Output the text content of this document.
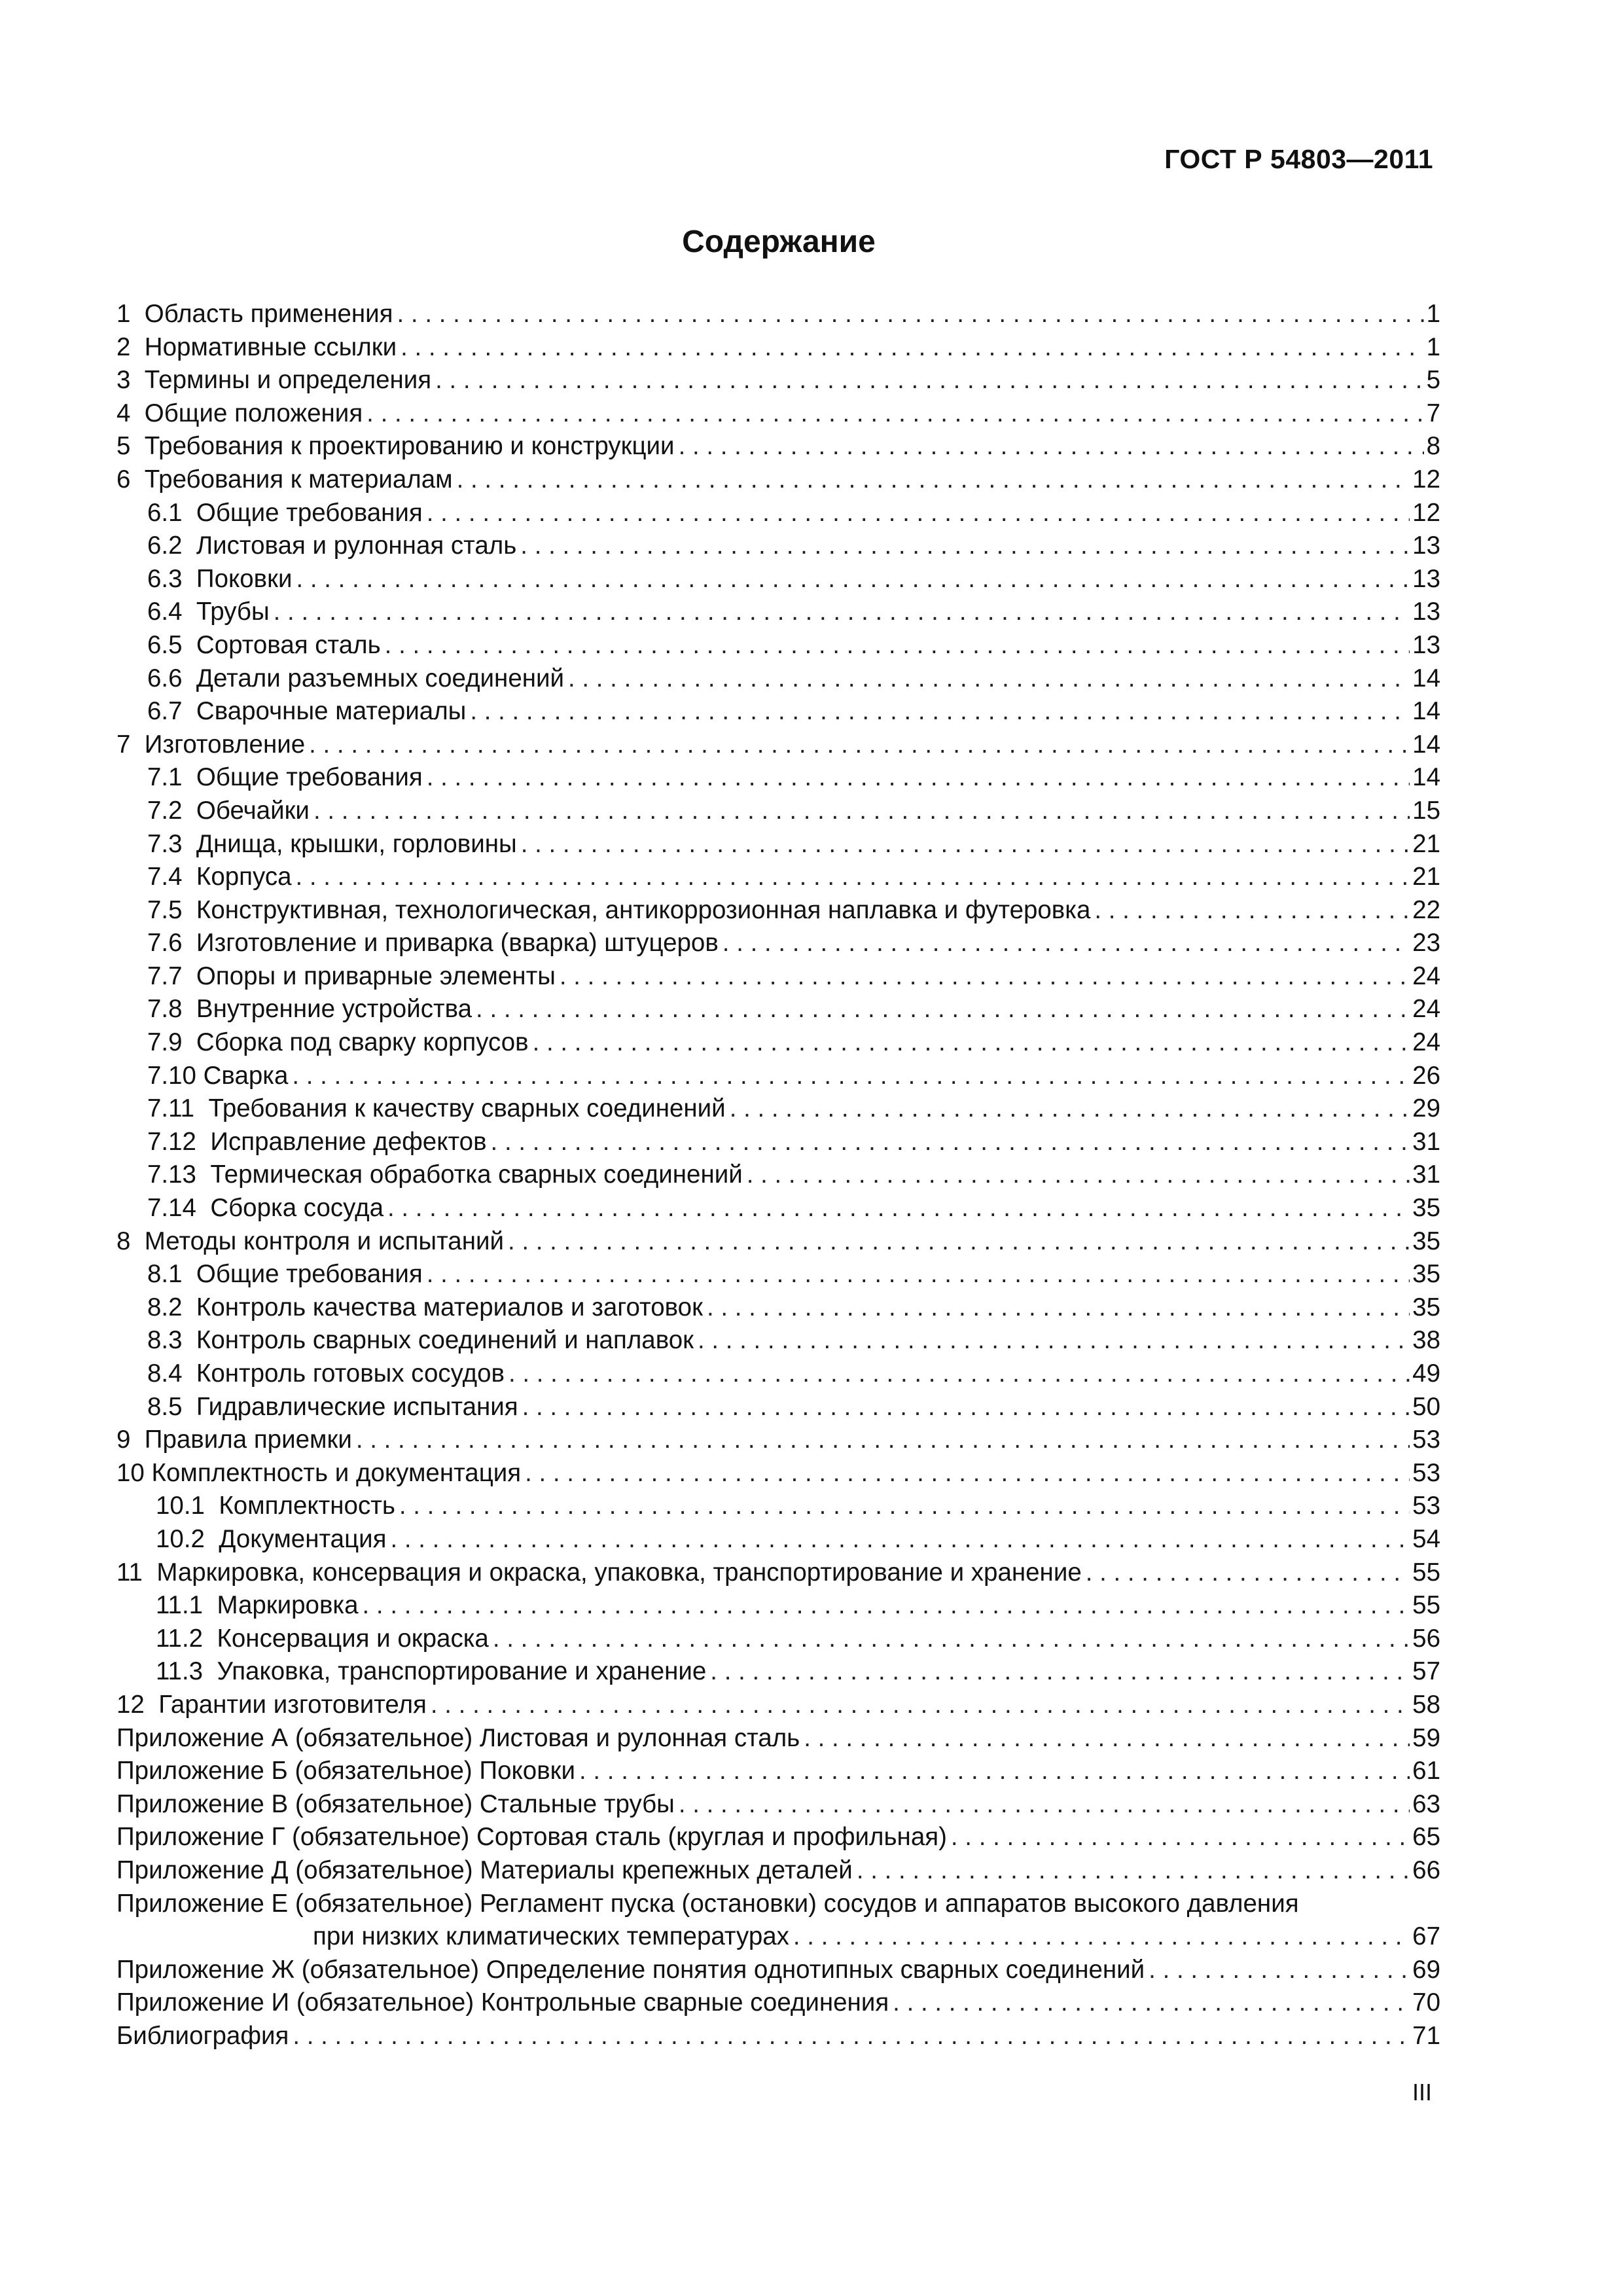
ГОСТ Р 54803—2011
Содержание
1  Область применения . . .	1
2  Нормативные ссылки . . .	1
3  Термины и определения . . .	5
4  Общие положения . . .	7
5  Требования к проектированию и конструкции . . .	8
6  Требования к материалам . . .	12
6.1  Общие требования . . .	12
6.2  Листовая и рулонная сталь . . .	13
6.3  Поковки . . .	13
6.4  Трубы . . .	13
6.5  Сортовая сталь . . .	13
6.6  Детали разъемных соединений . . .	14
6.7  Сварочные материалы . . .	14
7  Изготовление . . .	14
7.1  Общие требования . . .	14
7.2  Обечайки . . .	15
7.3  Днища, крышки, горловины . . .	21
7.4  Корпуса . . .	21
7.5  Конструктивная, технологическая, антикоррозионная наплавка и футеровка . . .	22
7.6  Изготовление и приварка (вварка) штуцеров . . .	23
7.7  Опоры и приварные элементы . . .	24
7.8  Внутренние устройства . . .	24
7.9  Сборка под сварку корпусов . . .	24
7.10 Сварка . . .	26
7.11  Требования к качеству сварных соединений . . .	29
7.12  Исправление дефектов . . .	31
7.13  Термическая обработка сварных соединений . . .	31
7.14  Сборка сосуда . . .	35
8  Методы контроля и испытаний . . .	35
8.1  Общие требования . . .	35
8.2  Контроль качества материалов и заготовок . . .	35
8.3  Контроль сварных соединений и наплавок . . .	38
8.4  Контроль готовых сосудов . . .	49
8.5  Гидравлические испытания . . .	50
9  Правила приемки . . .	53
10 Комплектность и документация . . .	53
10.1  Комплектность . . .	53
10.2  Документация . . .	54
11  Маркировка, консервация и окраска, упаковка, транспортирование и хранение . . .	55
11.1  Маркировка . . .	55
11.2  Консервация и окраска . . .	56
11.3  Упаковка, транспортирование и хранение . . .	57
12  Гарантии изготовителя . . .	58
Приложение А (обязательное) Листовая и рулонная сталь . . .	59
Приложение Б (обязательное) Поковки . . .	61
Приложение В (обязательное) Стальные трубы . . .	63
Приложение Г (обязательное) Сортовая сталь (круглая и профильная) . . .	65
Приложение Д (обязательное) Материалы крепежных деталей . . .	66
Приложение Е (обязательное) Регламент пуска (остановки) сосудов и аппаратов высокого давления
при низких климатических температурах . . .	67
Приложение Ж (обязательное) Определение понятия однотипных сварных соединений . . .	69
Приложение И (обязательное) Контрольные сварные соединения . . .	70
Библиография . . .	71
III
